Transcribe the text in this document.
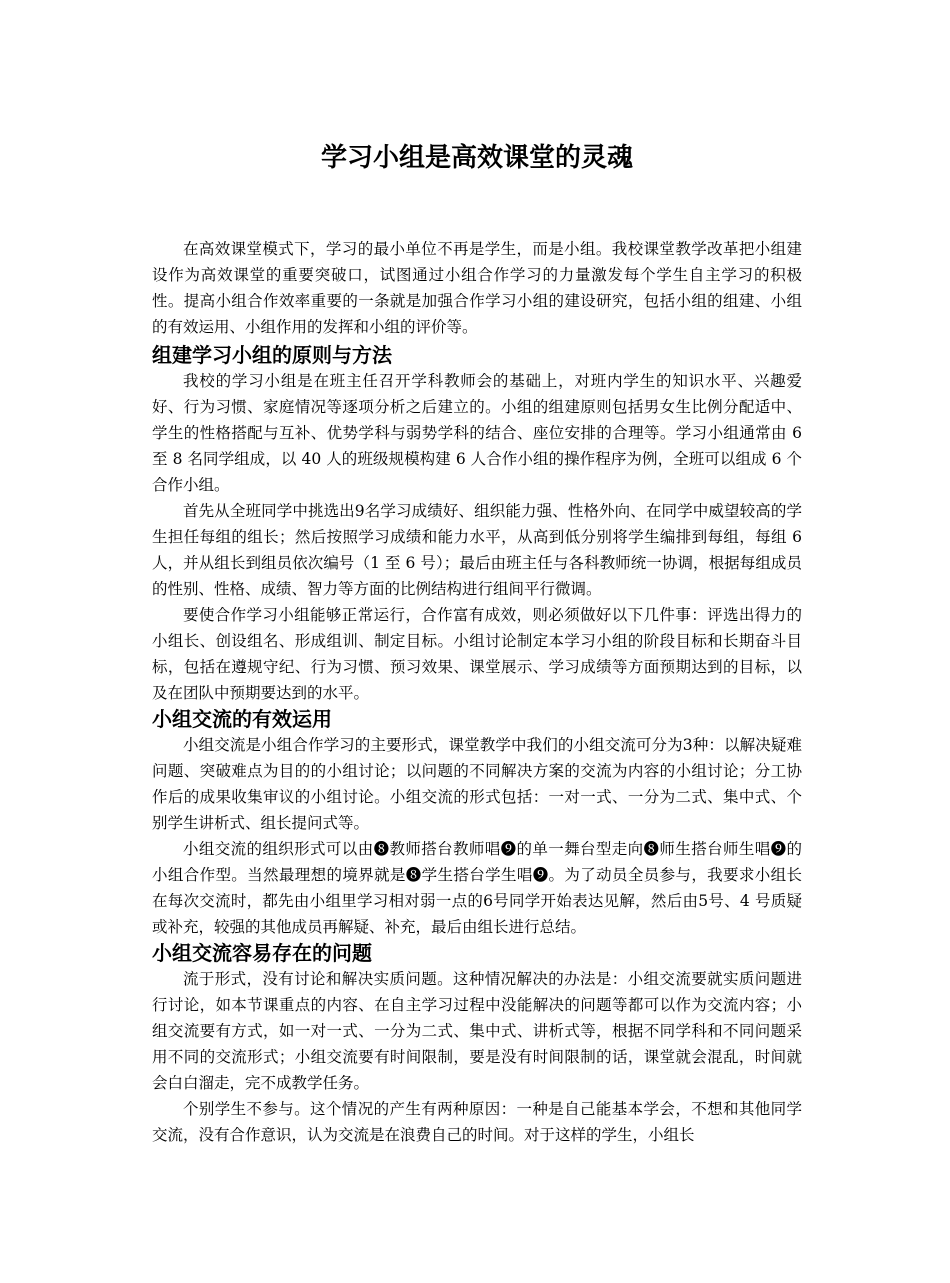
学习小组是高效课堂的灵魂

在高效课堂模式下，学习的最小单位不再是学生，而是小组。我校课堂教学改革把小组建设作为高效课堂的重要突破口，试图通过小组合作学习的力量激发每个学生自主学习的积极性。提高小组合作效率重要的一条就是加强合作学习小组的建设研究，包括小组的组建、小组的有效运用、小组作用的发挥和小组的评价等。

组建学习小组的原则与方法

我校的学习小组是在班主任召开学科教师会的基础上，对班内学生的知识水平、兴趣爱好、行为习惯、家庭情况等逐项分析之后建立的。小组的组建原则包括男女生比例分配适中、学生的性格搭配与互补、优势学科与弱势学科的结合、座位安排的合理等。学习小组通常由 6 至 8 名同学组成，以 40 人的班级规模构建 6 人合作小组的操作程序为例，全班可以组成 6 个合作小组。

首先从全班同学中挑选出9名学习成绩好、组织能力强、性格外向、在同学中威望较高的学生担任每组的组长；然后按照学习成绩和能力水平，从高到低分别将学生编排到每组，每组 6 人，并从组长到组员依次编号（1 至 6 号）；最后由班主任与各科教师统一协调，根据每组成员的性别、性格、成绩、智力等方面的比例结构进行组间平行微调。

要使合作学习小组能够正常运行，合作富有成效，则必须做好以下几件事：评选出得力的小组长、创设组名、形成组训、制定目标。小组讨论制定本学习小组的阶段目标和长期奋斗目标，包括在遵规守纪、行为习惯、预习效果、课堂展示、学习成绩等方面预期达到的目标，以及在团队中预期要达到的水平。

小组交流的有效运用

小组交流是小组合作学习的主要形式，课堂教学中我们的小组交流可分为3种：以解决疑难问题、突破难点为目的的小组讨论；以问题的不同解决方案的交流为内容的小组讨论；分工协作后的成果收集审议的小组讨论。小组交流的形式包括：一对一式、一分为二式、集中式、个别学生讲析式、组长提问式等。

小组交流的组织形式可以由❽教师搭台教师唱❾的单一舞台型走向❽师生搭台师生唱❾的小组合作型。当然最理想的境界就是❽学生搭台学生唱❾。为了动员全员参与，我要求小组长在每次交流时，都先由小组里学习相对弱一点的6号同学开始表达见解，然后由5号、4 号质疑或补充，较强的其他成员再解疑、补充，最后由组长进行总结。

小组交流容易存在的问题

流于形式，没有讨论和解决实质问题。这种情况解决的办法是：小组交流要就实质问题进行讨论，如本节课重点的内容、在自主学习过程中没能解决的问题等都可以作为交流内容；小组交流要有方式，如一对一式、一分为二式、集中式、讲析式等，根据不同学科和不同问题采用不同的交流形式；小组交流要有时间限制，要是没有时间限制的话，课堂就会混乱，时间就会白白溜走，完不成教学任务。

个别学生不参与。这个情况的产生有两种原因：一种是自己能基本学会，不想和其他同学交流，没有合作意识，认为交流是在浪费自己的时间。对于这样的学生，小组长
